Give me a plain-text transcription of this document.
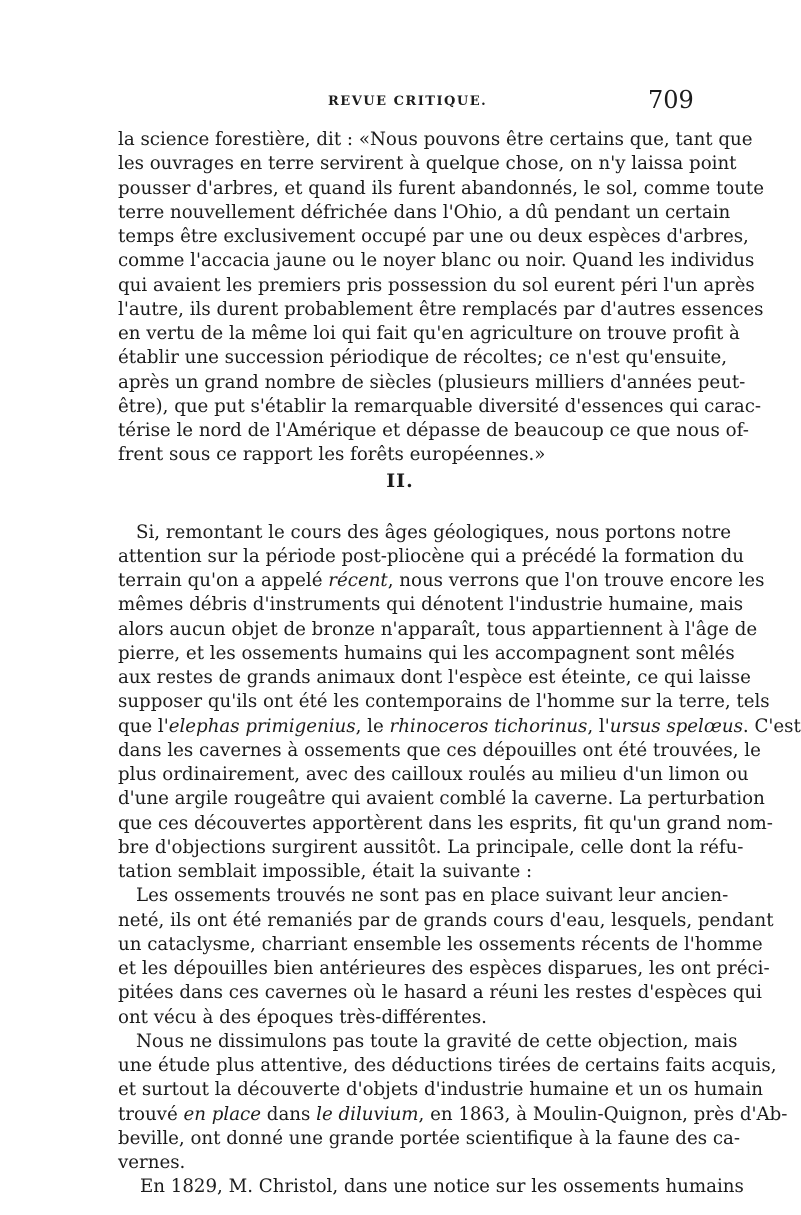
REVUE CRITIQUE.	709
la science forestière, dit : «Nous pouvons être certains que, tant que
les ouvrages en terre servirent à quelque chose, on n'y laissa point
pousser d'arbres, et quand ils furent abandonnés, le sol, comme toute
terre nouvellement défrichée dans l'Ohio, a dû pendant un certain
temps être exclusivement occupé par une ou deux espèces d'arbres,
comme l'accacia jaune ou le noyer blanc ou noir. Quand les individus
qui avaient les premiers pris possession du sol eurent péri l'un après
l'autre, ils durent probablement être remplacés par d'autres essences
en vertu de la même loi qui fait qu'en agriculture on trouve profit à
établir une succession périodique de récoltes; ce n'est qu'ensuite,
après un grand nombre de siècles (plusieurs milliers d'années peut-
être), que put s'établir la remarquable diversité d'essences qui carac-
térise le nord de l'Amérique et dépasse de beaucoup ce que nous of-
frent sous ce rapport les forêts européennes.»
II.
Si, remontant le cours des âges géologiques, nous portons notre
attention sur la période post-pliocène qui a précédé la formation du
terrain qu'on a appelé récent, nous verrons que l'on trouve encore les
mêmes débris d'instruments qui dénotent l'industrie humaine, mais
alors aucun objet de bronze n'apparaît, tous appartiennent à l'âge de
pierre, et les ossements humains qui les accompagnent sont mêlés
aux restes de grands animaux dont l'espèce est éteinte, ce qui laisse
supposer qu'ils ont été les contemporains de l'homme sur la terre, tels
que l'elephas primigenius, le rhinoceros tichorinus, l'ursus spelœus. C'est
dans les cavernes à ossements que ces dépouilles ont été trouvées, le
plus ordinairement, avec des cailloux roulés au milieu d'un limon ou
d'une argile rougeâtre qui avaient comblé la caverne. La perturbation
que ces découvertes apportèrent dans les esprits, fit qu'un grand nom-
bre d'objections surgirent aussitôt. La principale, celle dont la réfu-
tation semblait impossible, était la suivante :
Les ossements trouvés ne sont pas en place suivant leur ancien-
neté, ils ont été remaniés par de grands cours d'eau, lesquels, pendant
un cataclysme, charriant ensemble les ossements récents de l'homme
et les dépouilles bien antérieures des espèces disparues, les ont préci-
pitées dans ces cavernes où le hasard a réuni les restes d'espèces qui
ont vécu à des époques très-différentes.
Nous ne dissimulons pas toute la gravité de cette objection, mais
une étude plus attentive, des déductions tirées de certains faits acquis,
et surtout la découverte d'objets d'industrie humaine et un os humain
trouvé en place dans le diluvium, en 1863, à Moulin-Quignon, près d'Ab-
beville, ont donné une grande portée scientifique à la faune des ca-
vernes.
En 1829, M. Christol, dans une notice sur les ossements humains
